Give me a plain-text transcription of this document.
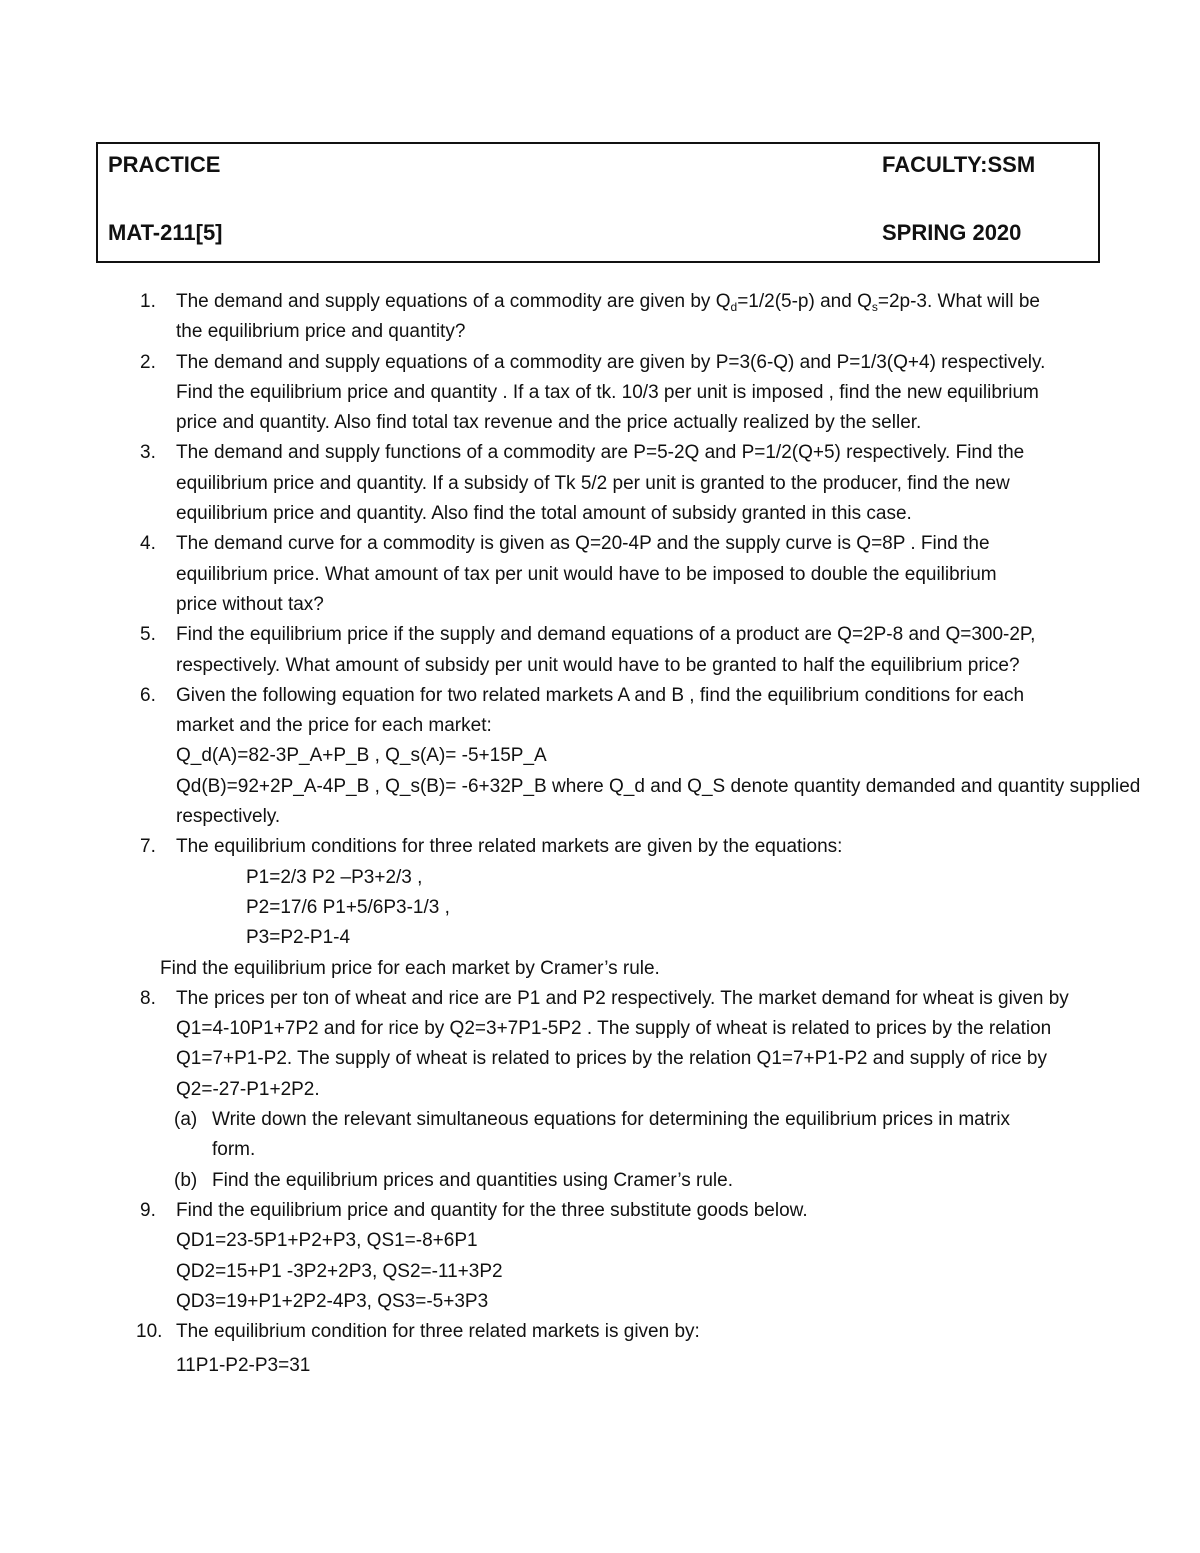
PRACTICE	FACULTY:SSM
MAT-211[5]	SPRING 2020
1.	The demand and supply equations of a commodity are given by $Q_d=1/2(5-p)$ and $Q_s=2p-3$. What will be
the equilibrium price and quantity?
2.	The demand and supply equations of a commodity are given by P=3(6-Q) and P=1/3(Q+4) respectively.
Find the equilibrium price and quantity . If a tax of tk. 10/3 per unit is imposed , find the new equilibrium
price and quantity. Also find total tax revenue and the price actually realized by the seller.
3.	The demand and supply functions of a commodity are P=5-2Q and P=1/2(Q+5) respectively. Find the
equilibrium price and quantity. If a subsidy of Tk 5/2 per unit is granted to the producer, find the new
equilibrium price and quantity. Also find the total amount of subsidy granted in this case.
4.	The demand curve for a commodity is given as Q=20-4P and the supply curve is Q=8P . Find the
equilibrium price. What amount of tax per unit would have to be imposed to double the equilibrium
price without tax?
5.	Find the equilibrium price if the supply and demand equations of a product are Q=2P-8 and Q=300-2P,
respectively. What amount of subsidy per unit would have to be granted to half the equilibrium price?
6.	Given the following equation for two related markets A and B , find the equilibrium conditions for each
market and the price for each market:
Q_d(A)=82-3P_A+P_B , Q_s(A)= -5+15P_A
Qd(B)=92+2P_A-4P_B , Q_s(B)= -6+32P_B where Q_d and Q_S denote quantity demanded and quantity supplied
respectively.
7.	The equilibrium conditions for three related markets are given by the equations:
P1=2/3 P2 –P3+2/3 ,
P2=17/6 P1+5/6P3-1/3 ,
P3=P2-P1-4
Find the equilibrium price for each market by Cramer’s rule.
8.	The prices per ton of wheat and rice are P1 and P2 respectively. The market demand for wheat is given by
Q1=4-10P1+7P2 and for rice by Q2=3+7P1-5P2 . The supply of wheat is related to prices by the relation
Q1=7+P1-P2. The supply of wheat is related to prices by the relation Q1=7+P1-P2 and supply of rice by
Q2=-27-P1+2P2.
(a) Write down the relevant simultaneous equations for determining the equilibrium prices in matrix
form.
(b) Find the equilibrium prices and quantities using Cramer’s rule.
9.	Find the equilibrium price and quantity for the three substitute goods below.
QD1=23-5P1+P2+P3, QS1=-8+6P1
QD2=15+P1 -3P2+2P3, QS2=-11+3P2
QD3=19+P1+2P2-4P3, QS3=-5+3P3
10. The equilibrium condition for three related markets is given by:
11P1-P2-P3=31
